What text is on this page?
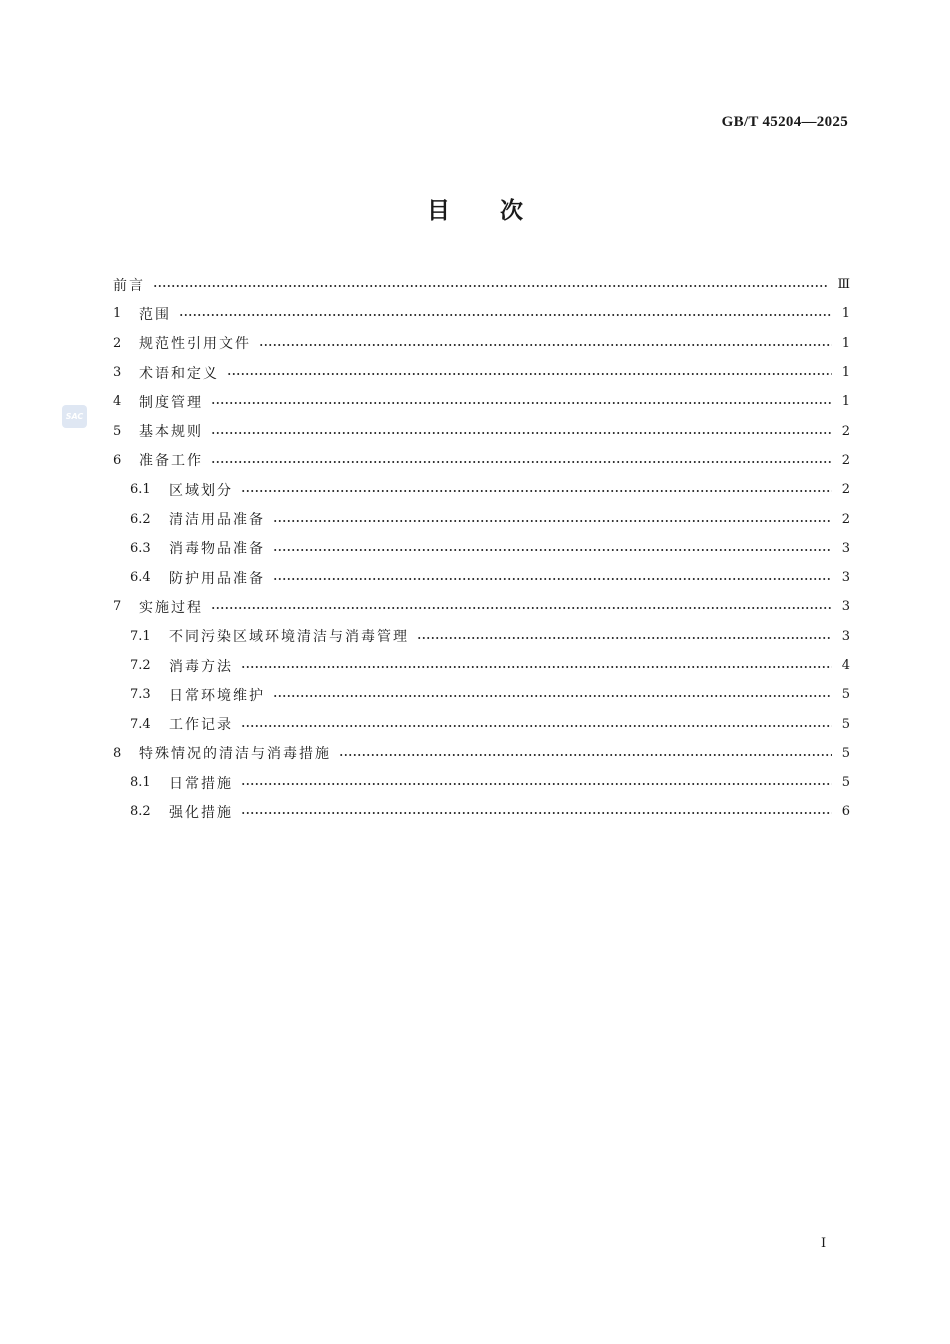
GB/T 45204—2025
目次
SAC
前言	Ⅲ
1	范围	1
2	规范性引用文件	1
3	术语和定义	1
4	制度管理	1
5	基本规则	2
6	准备工作	2
6.1	区域划分	2
6.2	清洁用品准备	2
6.3	消毒物品准备	3
6.4	防护用品准备	3
7	实施过程	3
7.1	不同污染区域环境清洁与消毒管理	3
7.2	消毒方法	4
7.3	日常环境维护	5
7.4	工作记录	5
8	特殊情况的清洁与消毒措施	5
8.1	日常措施	5
8.2	强化措施	6
I
